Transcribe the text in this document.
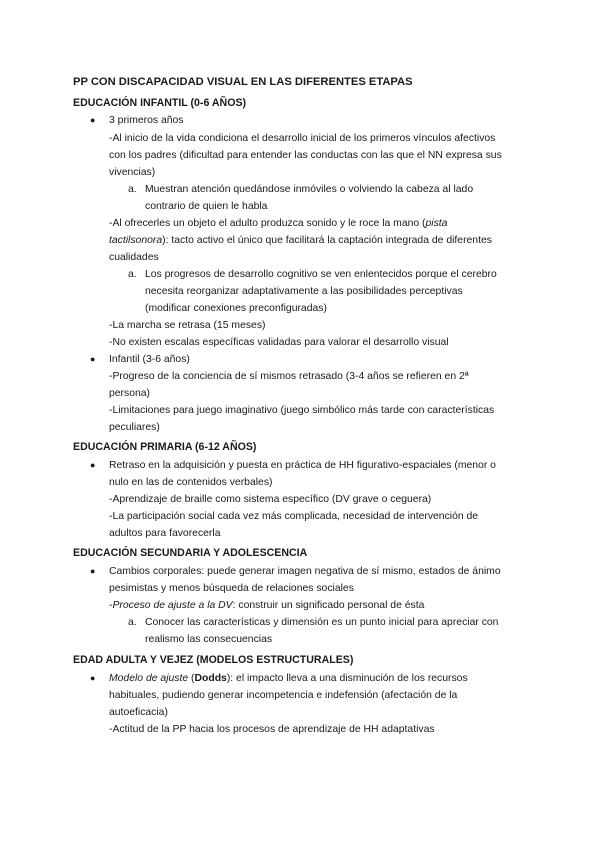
PP CON DISCAPACIDAD VISUAL EN LAS DIFERENTES ETAPAS
EDUCACIÓN INFANTIL (0-6 AÑOS)
● 3 primeros años
-Al inicio de la vida condiciona el desarrollo inicial de los primeros vínculos afectivos
con los padres (dificultad para entender las conductas con las que el NN expresa sus
vivencias)
a. Muestran atención quedándose inmóviles o volviendo la cabeza al lado
contrario de quien le habla
-Al ofrecerles un objeto el adulto produzca sonido y le roce la mano (pista
tactilsonora): tacto activo el único que facilitará la captación integrada de diferentes
cualidades
a. Los progresos de desarrollo cognitivo se ven enlentecidos porque el cerebro
necesita reorganizar adaptativamente a las posibilidades perceptivas
(modificar conexiones preconfiguradas)
-La marcha se retrasa (15 meses)
-No existen escalas específicas validadas para valorar el desarrollo visual
● Infantil (3-6 años)
-Progreso de la conciencia de sí mismos retrasado (3-4 años se refieren en 2ª
persona)
-Limitaciones para juego imaginativo (juego simbólico más tarde con características
peculiares)
EDUCACIÓN PRIMARIA (6-12 AÑOS)
● Retraso en la adquisición y puesta en práctica de HH figurativo-espaciales (menor o
nulo en las de contenidos verbales)
-Aprendizaje de braille como sistema específico (DV grave o ceguera)
-La participación social cada vez más complicada, necesidad de intervención de
adultos para favorecerla
EDUCACIÓN SECUNDARIA Y ADOLESCENCIA
● Cambios corporales: puede generar imagen negativa de sí mismo, estados de ánimo
pesimistas y menos búsqueda de relaciones sociales
-Proceso de ajuste a la DV: construir un significado personal de ésta
a. Conocer las características y dimensión es un punto inicial para apreciar con
realismo las consecuencias
EDAD ADULTA Y VEJEZ (MODELOS ESTRUCTURALES)
● Modelo de ajuste (Dodds): el impacto lleva a una disminución de los recursos
habituales, pudiendo generar incompetencia e indefensión (afectación de la
autoeficacia)
-Actitud de la PP hacia los procesos de aprendizaje de HH adaptativas
